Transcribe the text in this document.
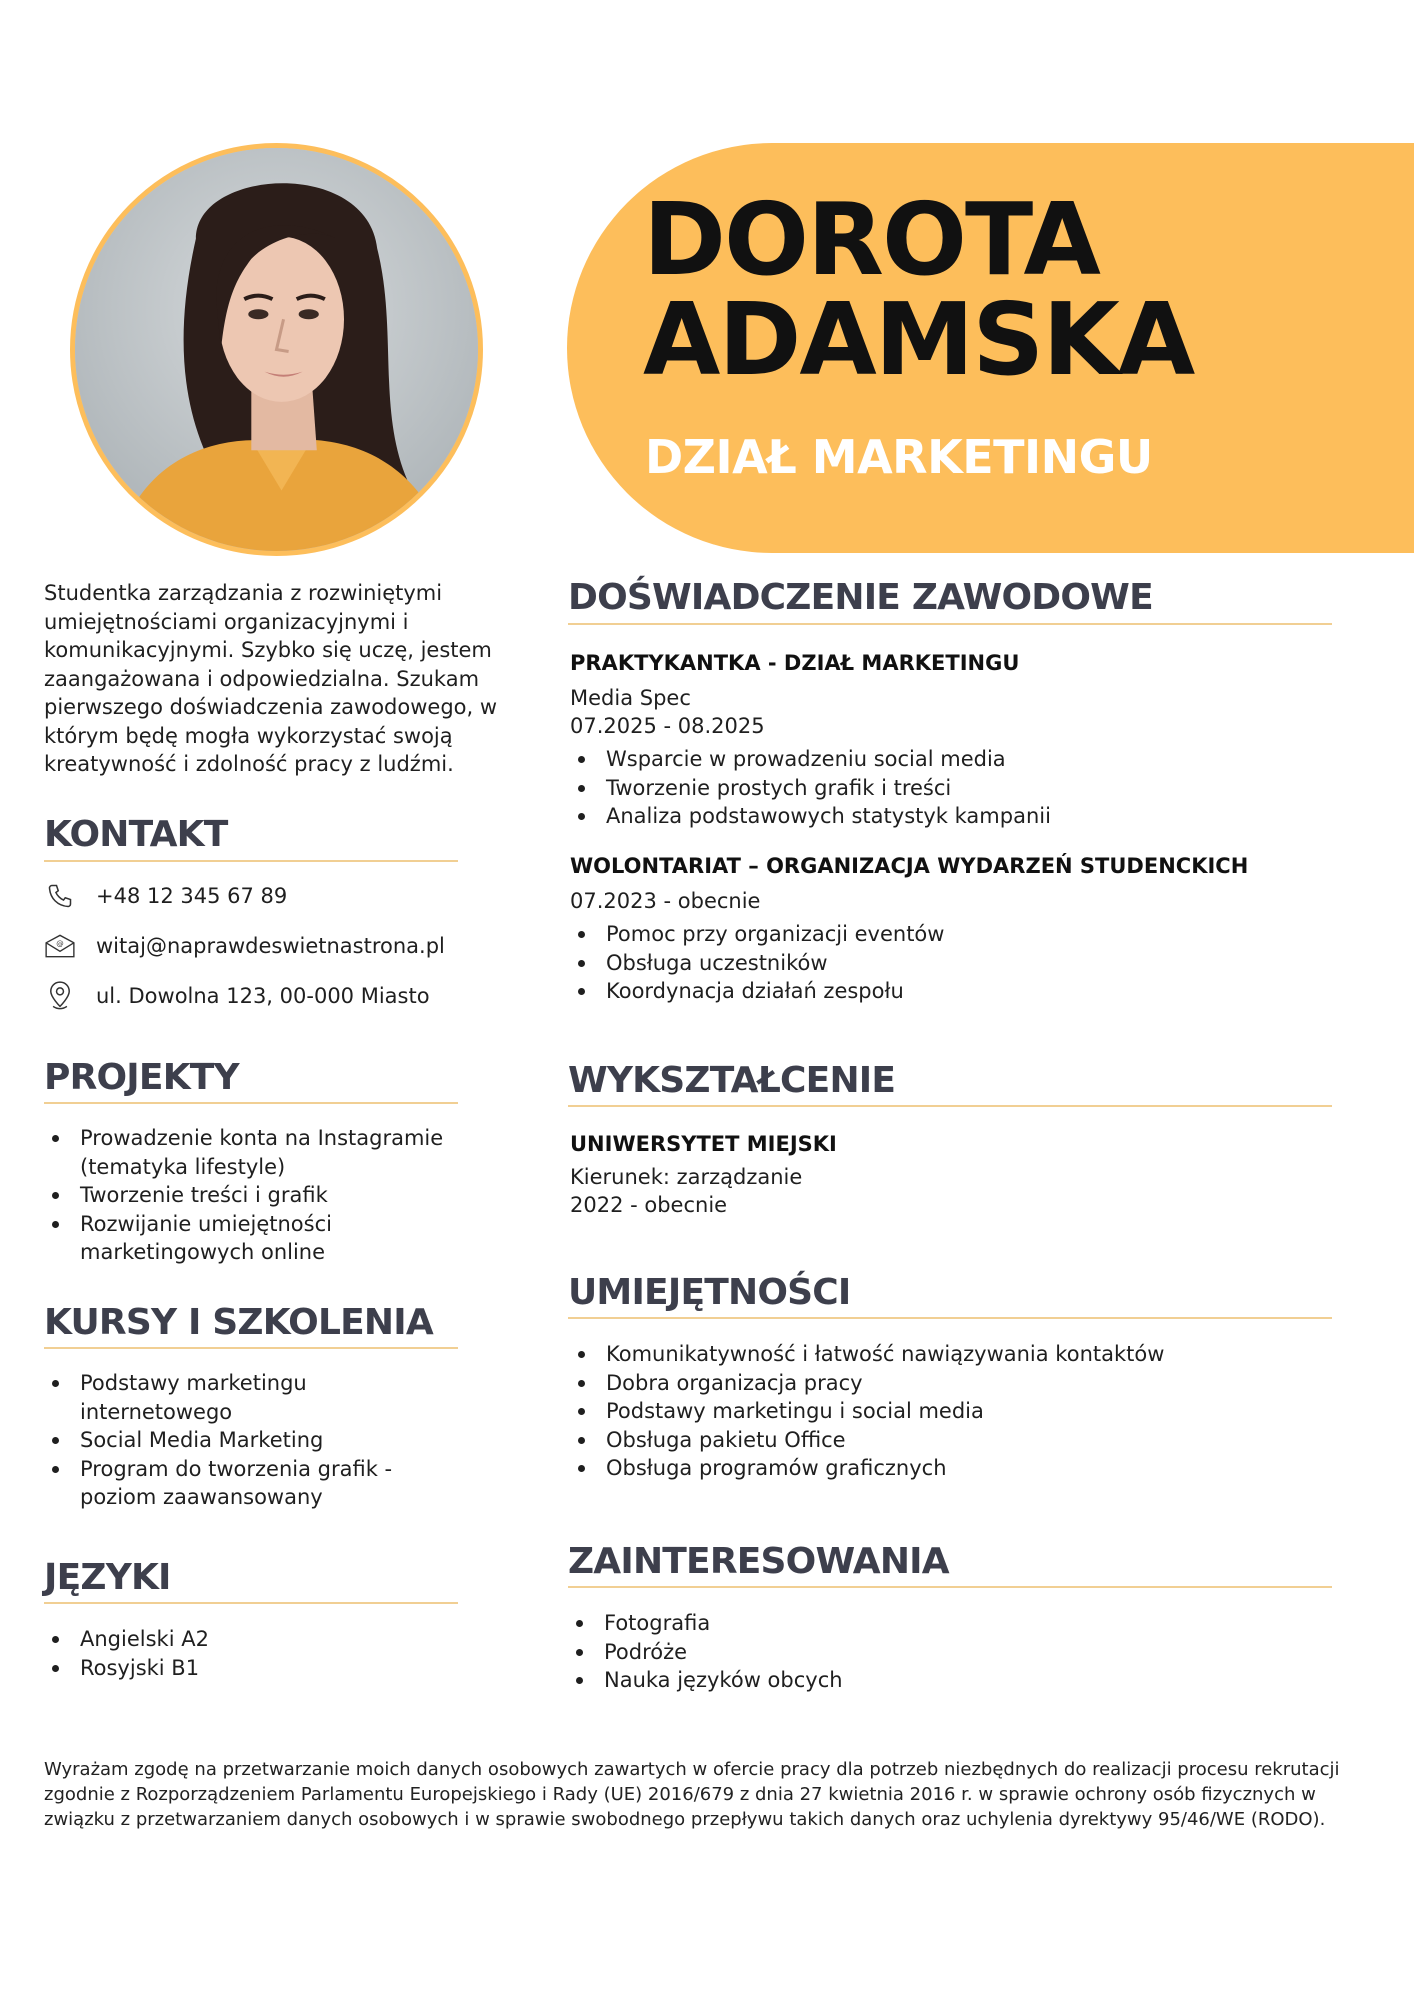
DOROTA
ADAMSKA
DZIAŁ MARKETINGU
Studentka zarządzania z rozwiniętymi umiejętnościami organizacyjnymi i komunikacyjnymi. Szybko się uczę, jestem zaangażowana i odpowiedzialna. Szukam pierwszego doświadczenia zawodowego, w którym będę mogła wykorzystać swoją kreatywność i zdolność pracy z ludźmi.
KONTAKT
+48 12 345 67 89
@ witaj@naprawdeswietnastrona.pl
ul. Dowolna 123, 00-000 Miasto
PROJEKTY
Prowadzenie konta na Instagramie (tematyka lifestyle)
Tworzenie treści i grafik
Rozwijanie umiejętności marketingowych online
KURSY I SZKOLENIA
Podstawy marketingu internetowego
Social Media Marketing
Program do tworzenia grafik - poziom zaawansowany
JĘZYKI
Angielski A2
Rosyjski B1
DOŚWIADCZENIE ZAWODOWE
PRAKTYKANTKA - DZIAŁ MARKETINGU
Media Spec
07.2025 - 08.2025
Wsparcie w prowadzeniu social media
Tworzenie prostych grafik i treści
Analiza podstawowych statystyk kampanii
WOLONTARIAT – ORGANIZACJA WYDARZEŃ STUDENCKICH
07.2023 - obecnie
Pomoc przy organizacji eventów
Obsługa uczestników
Koordynacja działań zespołu
WYKSZTAŁCENIE
UNIWERSYTET MIEJSKI
Kierunek: zarządzanie
2022 - obecnie
UMIEJĘTNOŚCI
Komunikatywność i łatwość nawiązywania kontaktów
Dobra organizacja pracy
Podstawy marketingu i social media
Obsługa pakietu Office
Obsługa programów graficznych
ZAINTERESOWANIA
Fotografia
Podróże
Nauka języków obcych
Wyrażam zgodę na przetwarzanie moich danych osobowych zawartych w ofercie pracy dla potrzeb niezbędnych do realizacji procesu rekrutacji zgodnie z Rozporządzeniem Parlamentu Europejskiego i Rady (UE) 2016/679 z dnia 27 kwietnia 2016 r. w sprawie ochrony osób fizycznych w związku z przetwarzaniem danych osobowych i w sprawie swobodnego przepływu takich danych oraz uchylenia dyrektywy 95/46/WE (RODO).
